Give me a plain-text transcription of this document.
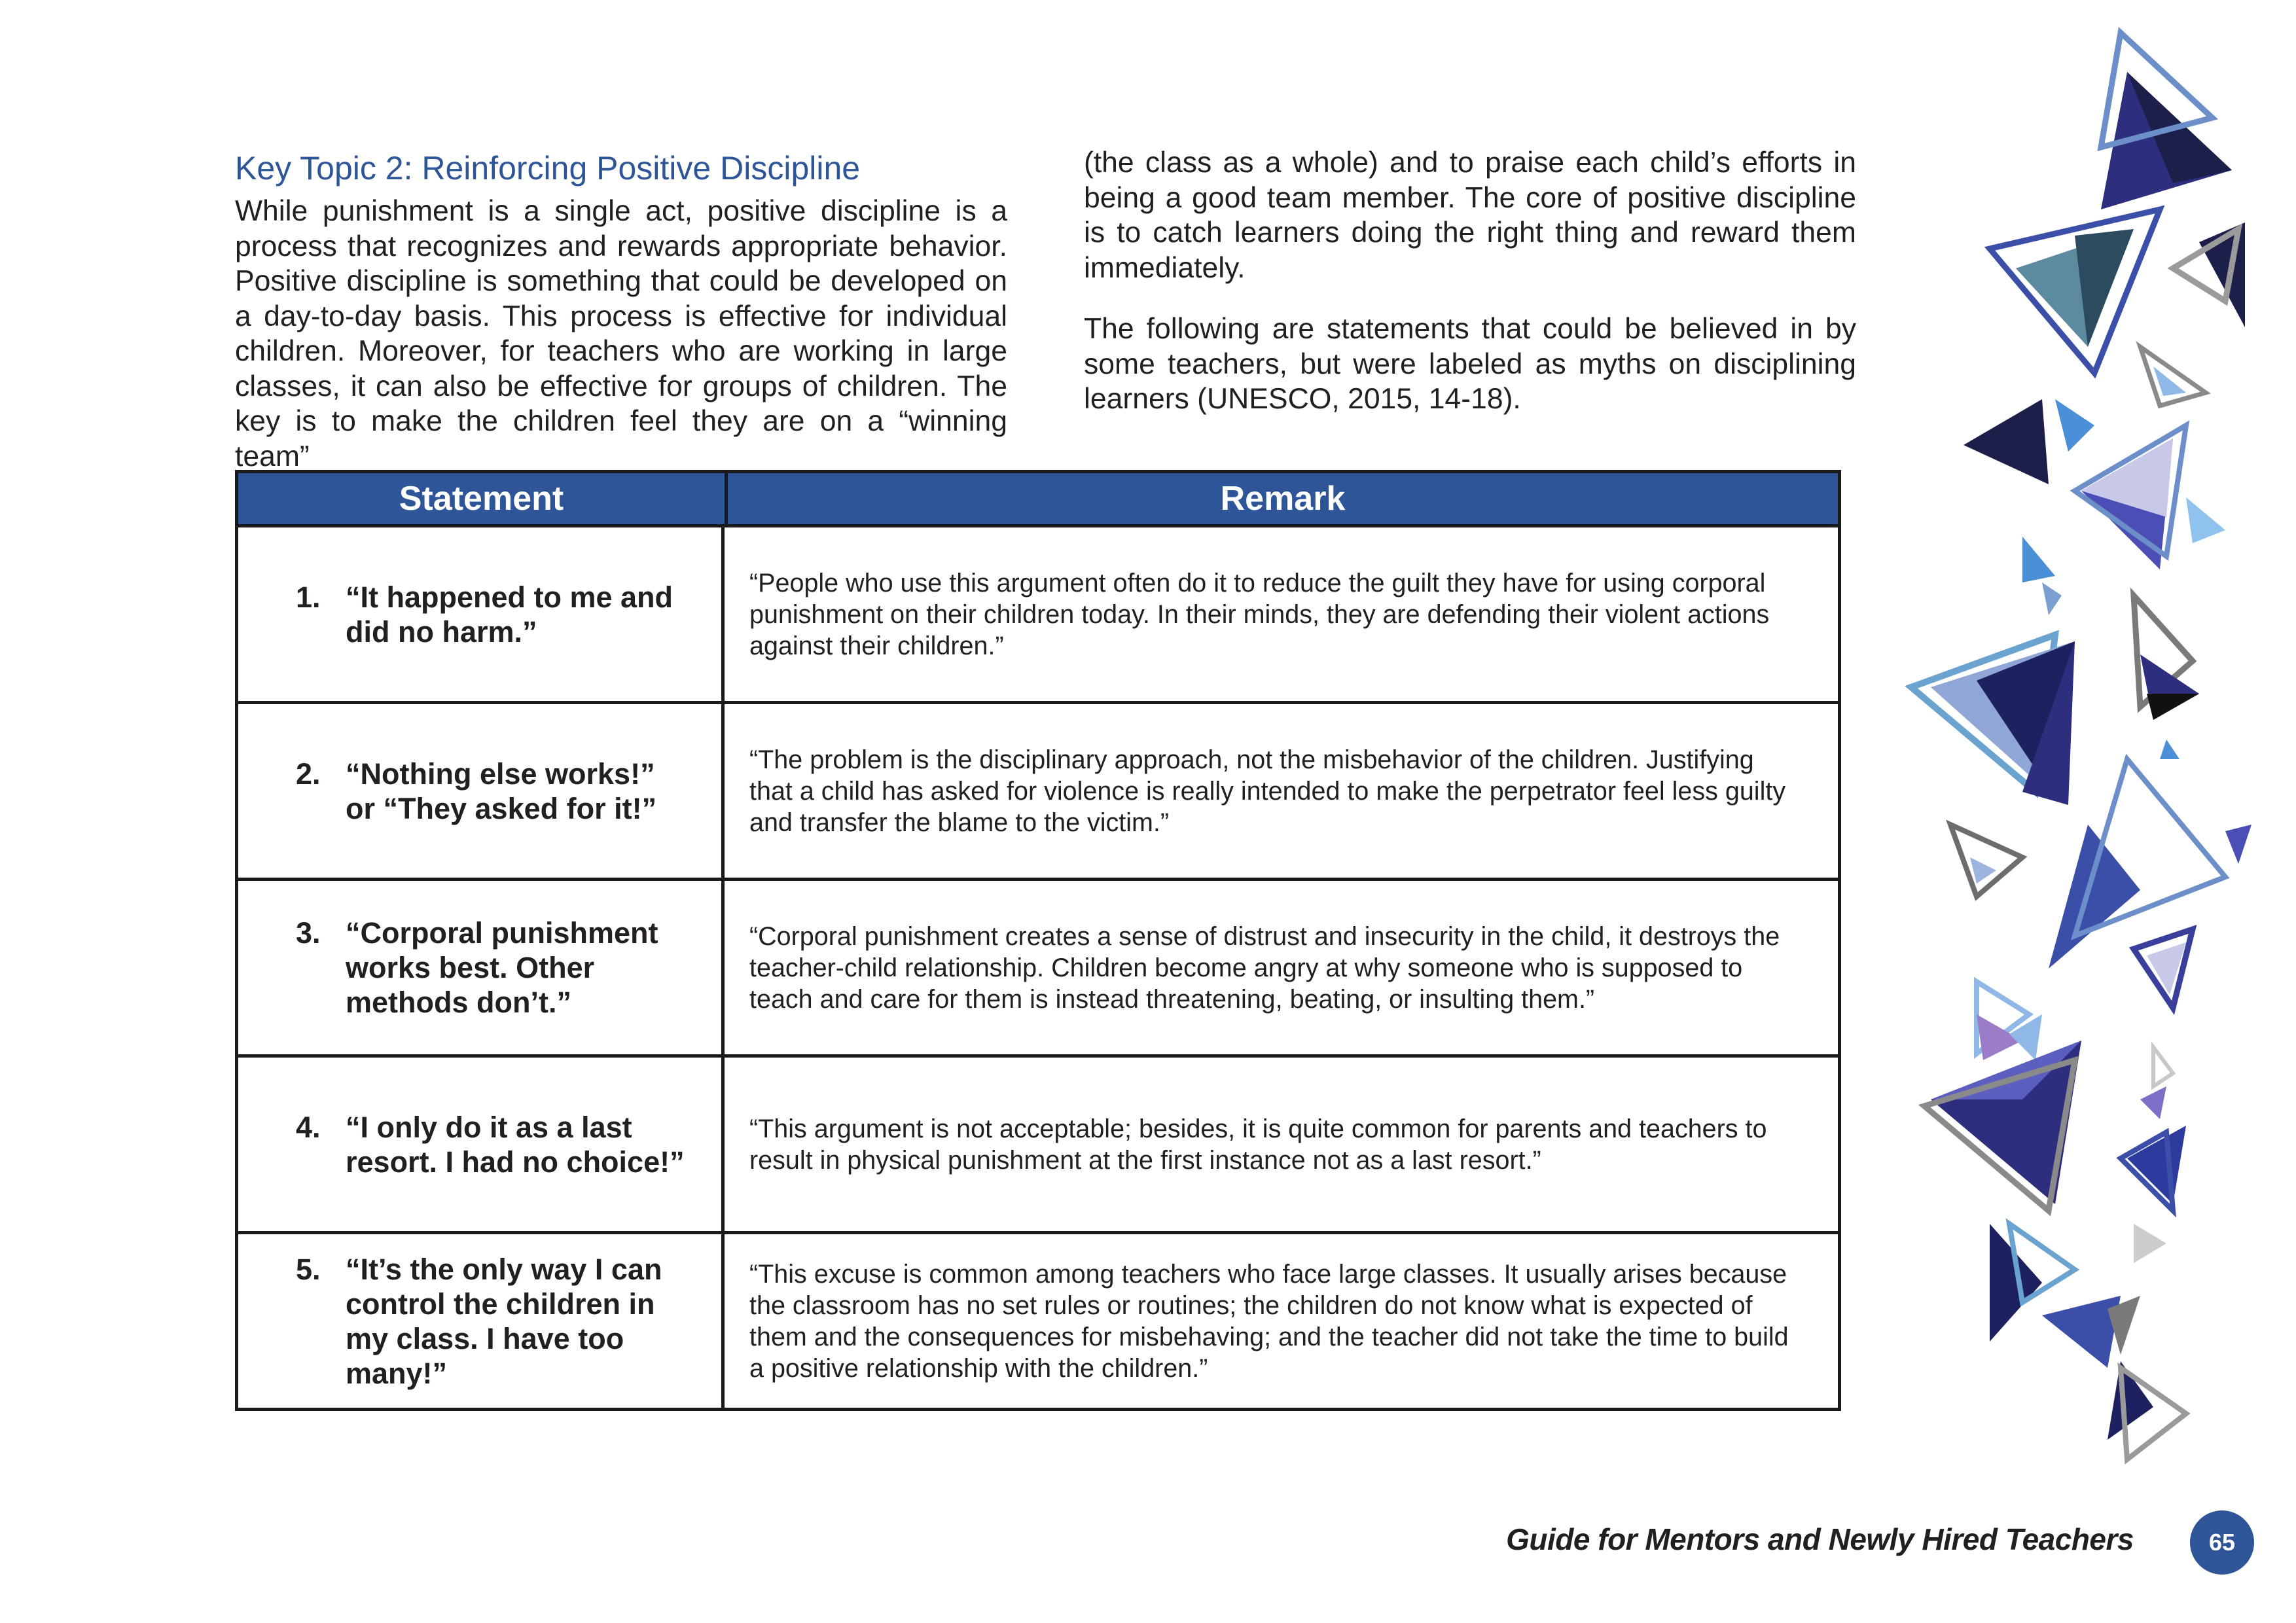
Key Topic 2: Reinforcing Positive Discipline

While punishment is a single act, positive discipline is a process that recognizes and rewards appropriate behavior. Positive discipline is something that could be developed on a day-to-day basis. This process is effective for individual children. Moreover, for teachers who are working in large classes, it can also be effective for groups of children. The key is to make the children feel they are on a “winning team”

(the class as a whole) and to praise each child’s efforts in being a good team member. The core of positive discipline is to catch learners doing the right thing and reward them immediately.

The following are statements that could be believed in by some teachers, but were labeled as myths on disciplining learners (UNESCO, 2015, 14-18).

Statement	Remark
1. “It happened to me and did no harm.”
“People who use this argument often do it to reduce the guilt they have for using corporal punishment on their children today. In their minds, they are defending their violent actions against their children.”
2. “Nothing else works!” or “They asked for it!”
“The problem is the disciplinary approach, not the misbehavior of the children. Justifying that a child has asked for violence is really intended to make the perpetrator feel less guilty and transfer the blame to the victim.”
3. “Corporal punishment works best. Other methods don’t.”
“Corporal punishment creates a sense of distrust and insecurity in the child, it destroys the teacher-child relationship. Children become angry at why someone who is supposed to teach and care for them is instead threatening, beating, or insulting them.”
4. “I only do it as a last resort. I had no choice!”
“This argument is not acceptable; besides, it is quite common for parents and teachers to result in physical punishment at the first instance not as a last resort.”
5. “It’s the only way I can control the children in my class. I have too many!”
“This excuse is common among teachers who face large classes. It usually arises because the classroom has no set rules or routines; the children do not know what is expected of them and the consequences for misbehaving; and the teacher did not take the time to build a positive relationship with the children.”
Guide for Mentors and Newly Hired Teachers	65
